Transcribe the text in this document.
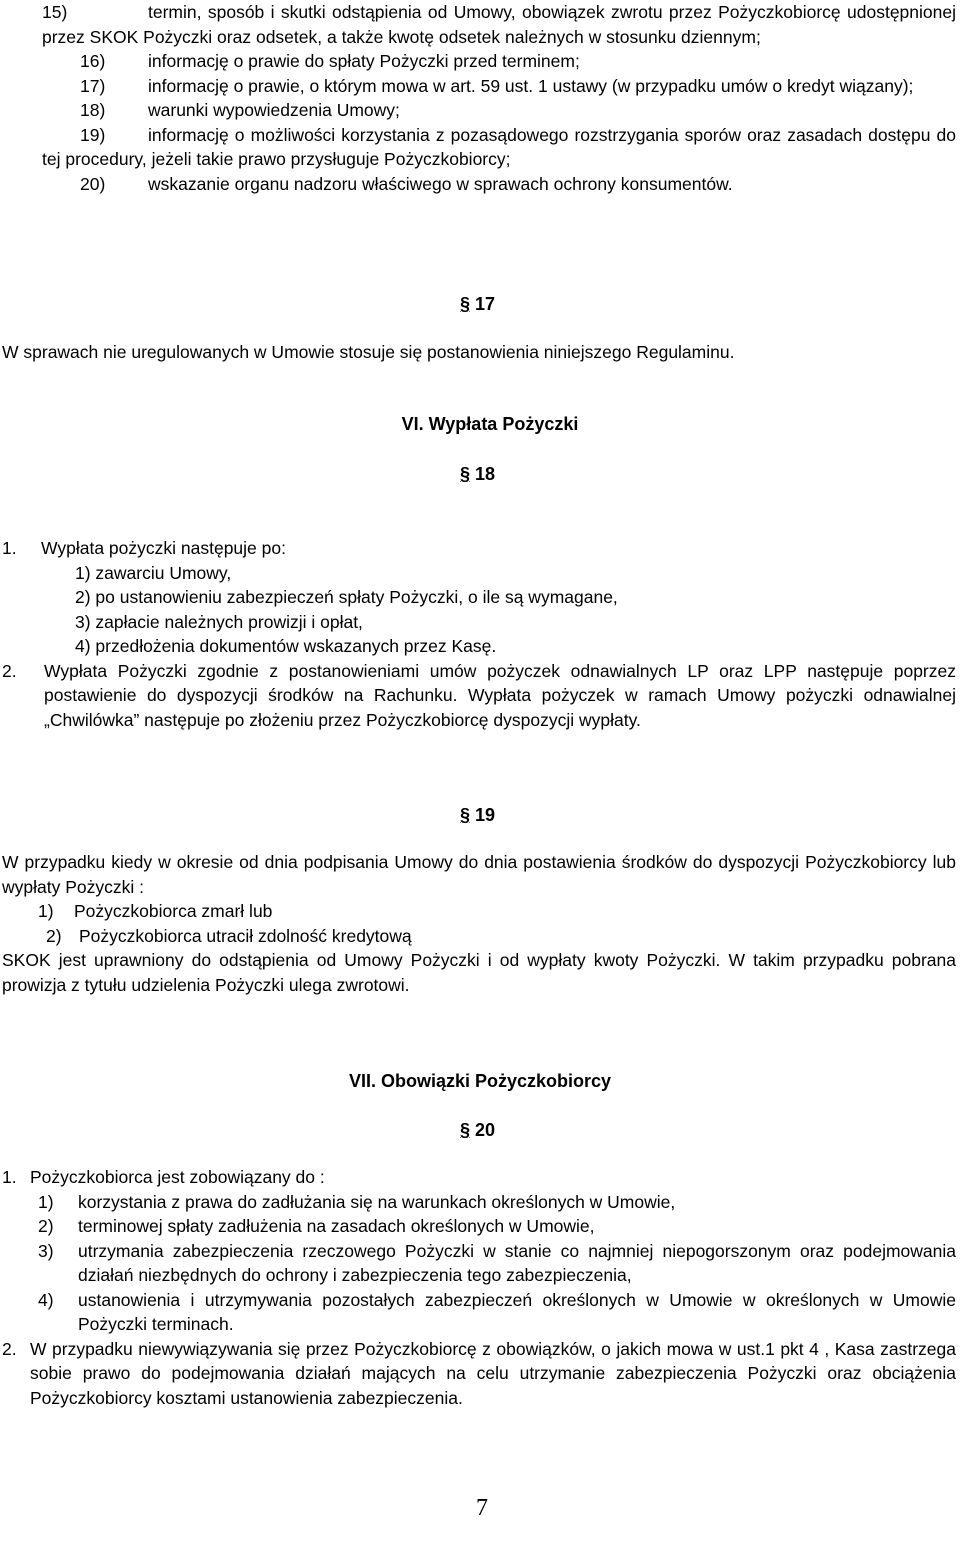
15)	termin, sposób i skutki odstąpienia od Umowy, obowiązek zwrotu przez Pożyczkobiorcę udostępnionej przez SKOK Pożyczki oraz odsetek, a także kwotę odsetek należnych w stosunku dziennym;
16)	informację o prawie do spłaty Pożyczki przed terminem;
17) informację o prawie, o którym mowa w art. 59 ust. 1 ustawy (w przypadku umów o kredyt wiązany);
18)	warunki wypowiedzenia Umowy;
19) informację o możliwości korzystania z pozasądowego rozstrzygania sporów oraz zasadach dostępu do tej procedury, jeżeli takie prawo przysługuje Pożyczkobiorcy;
20)	wskazanie organu nadzoru właściwego w sprawach ochrony konsumentów.
§ 17
W sprawach nie uregulowanych w Umowie stosuje się postanowienia niniejszego Regulaminu.
VI. Wypłata Pożyczki
§ 18
1.	Wypłata pożyczki następuje po:
1) zawarciu Umowy,
2) po ustanowieniu zabezpieczeń spłaty Pożyczki, o ile są wymagane,
3) zapłacie należnych prowizji i opłat,
4) przedłożenia dokumentów wskazanych przez Kasę.
2.	Wypłata Pożyczki zgodnie z postanowieniami umów pożyczek odnawialnych LP oraz LPP następuje poprzez postawienie do dyspozycji środków na Rachunku. Wypłata pożyczek w ramach Umowy pożyczki odnawialnej „Chwilówka” następuje po złożeniu przez Pożyczkobiorcę dyspozycji wypłaty.
§ 19
W przypadku kiedy w okresie od dnia podpisania Umowy do dnia postawienia środków do dyspozycji Pożyczkobiorcy lub wypłaty Pożyczki :
1)	Pożyczkobiorca zmarł lub
2) Pożyczkobiorca utracił zdolność kredytową
SKOK jest uprawniony do odstąpienia od Umowy Pożyczki i od wypłaty kwoty Pożyczki. W takim przypadku pobrana prowizja z tytułu udzielenia Pożyczki ulega zwrotowi.
VII. Obowiązki Pożyczkobiorcy
§ 20
1. Pożyczkobiorca jest zobowiązany do :
1)	korzystania z prawa do zadłużania się na warunkach określonych w Umowie,
2)	terminowej spłaty zadłużenia na zasadach określonych w Umowie,
3)	utrzymania zabezpieczenia rzeczowego Pożyczki w stanie co najmniej niepogorszonym oraz podejmowania działań niezbędnych do ochrony i zabezpieczenia tego zabezpieczenia,
4)	ustanowienia i utrzymywania pozostałych zabezpieczeń określonych w Umowie w określonych w Umowie Pożyczki terminach.
2. W przypadku niewywiązywania się przez Pożyczkobiorcę z obowiązków, o jakich mowa w ust.1 pkt 4 , Kasa zastrzega sobie prawo do podejmowania działań mających na celu utrzymanie zabezpieczenia Pożyczki oraz obciążenia Pożyczkobiorcy kosztami ustanowienia zabezpieczenia.
7
